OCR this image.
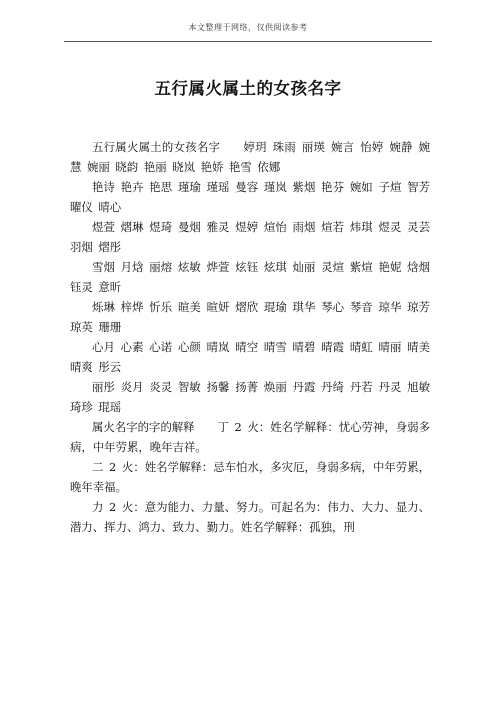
本文整理于网络，仅供阅读参考
五行属火属土的女孩名字

五行属火属土的女孩名字　　婷玥 珠雨 丽瑛 婉言 怡婷 婉静 婉慧 婉丽 晓韵 艳丽 晓岚 艳娇 艳雪 依娜

艳诗 艳卉 艳思 瑾瑜 瑾瑶 曼容 瑾岚 紫烟 艳芬 婉如 子煊 智芳 曜仪 晴心

煜萱 熠琳 煜琦 曼烟 雅灵 煜婷 煊怡 雨烟 煊若 炜琪 煜灵 灵芸 羽烟 熠彤

雪烟 月焓 丽熔 炫敏 烨萱 炫钰 炫琪 灿丽 灵煊 紫煊 艳妮 焓烟 钰灵 意昕

烁琳 梓烨 忻乐 暄美 暄妍 熠欣 琨瑜 琪华 琴心 琴音 琼华 琼芳 琼英 珊珊

心月 心素 心诺 心颜 晴岚 晴空 晴雪 晴碧 晴霞 晴虹 晴丽 晴美 晴爽 彤云

丽彤 炎月 炎灵 智敏 扬馨 扬菁 焕丽 丹霞 丹绮 丹若 丹灵 旭敏 琦珍 琨瑶

属火名字的字的解释　　丁 2 火：姓名学解释：忧心劳神，身弱多病，中年劳累，晚年吉祥。

二 2 火：姓名学解释：忌车怕水，多灾厄，身弱多病，中年劳累，晚年幸福。

力 2 火：意为能力、力量、努力。可起名为：伟力、大力、显力、潜力、挥力、鸿力、致力、勤力。姓名学解释：孤独，刑
